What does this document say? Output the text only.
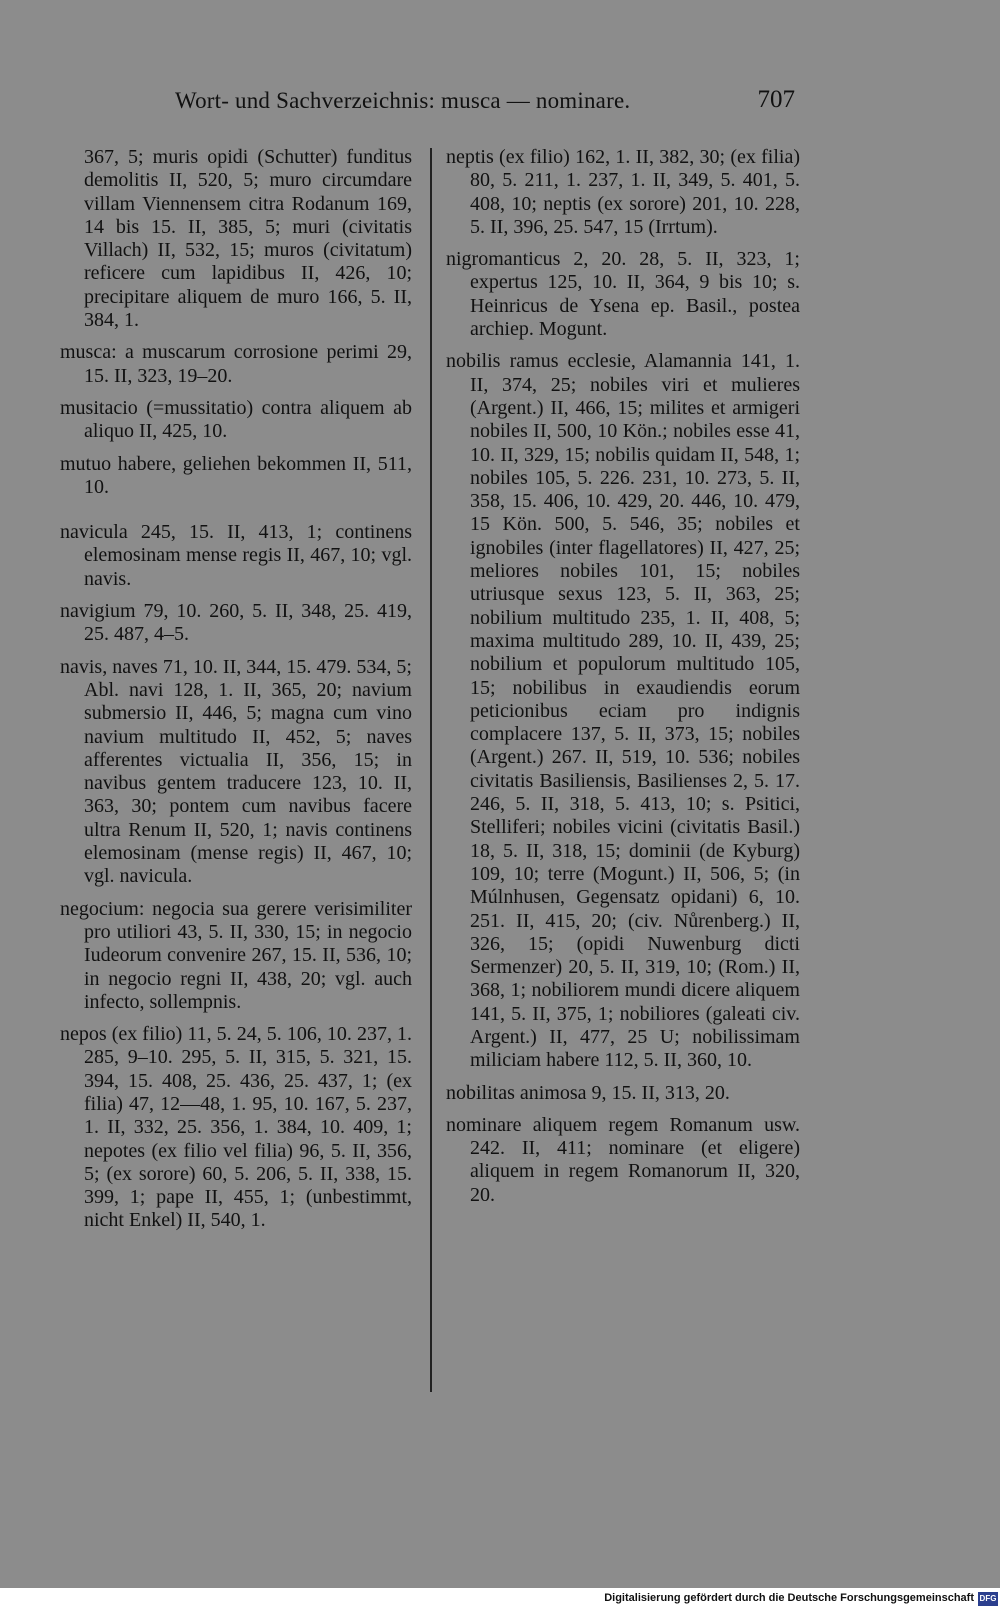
Wort- und Sachverzeichnis: musca — nominare.	707

367, 5; muris opidi (Schutter) funditus demolitis II, 520, 5; muro circumdare villam Viennensem citra Rodanum 169, 14 bis 15. II, 385, 5; muri (civitatis Villach) II, 532, 15; muros (civitatum) reficere cum lapidibus II, 426, 10; precipitare aliquem de muro 166, 5. II, 384, 1.

musca: a muscarum corrosione perimi 29, 15. II, 323, 19–20.

musitacio (=mussitatio) contra aliquem ab aliquo II, 425, 10.

mutuo habere, geliehen bekommen II, 511, 10.

navicula 245, 15. II, 413, 1; continens elemosinam mense regis II, 467, 10; vgl. navis.

navigium 79, 10. 260, 5. II, 348, 25. 419, 25. 487, 4–5.

navis, naves 71, 10. II, 344, 15. 479. 534, 5; Abl. navi 128, 1. II, 365, 20; navium submersio II, 446, 5; magna cum vino navium multitudo II, 452, 5; naves afferentes victualia II, 356, 15; in navibus gentem traducere 123, 10. II, 363, 30; pontem cum navibus facere ultra Renum II, 520, 1; navis continens elemosinam (mense regis) II, 467, 10; vgl. navicula.

negocium: negocia sua gerere verisimiliter pro utiliori 43, 5. II, 330, 15; in negocio Iudeorum convenire 267, 15. II, 536, 10; in negocio regni II, 438, 20; vgl. auch infecto, sollempnis.

nepos (ex filio) 11, 5. 24, 5. 106, 10. 237, 1. 285, 9–10. 295, 5. II, 315, 5. 321, 15. 394, 15. 408, 25. 436, 25. 437, 1; (ex filia) 47, 12—48, 1. 95, 10. 167, 5. 237, 1. II, 332, 25. 356, 1. 384, 10. 409, 1; nepotes (ex filio vel filia) 96, 5. II, 356, 5; (ex sorore) 60, 5. 206, 5. II, 338, 15. 399, 1; pape II, 455, 1; (unbestimmt, nicht Enkel) II, 540, 1.

neptis (ex filio) 162, 1. II, 382, 30; (ex filia) 80, 5. 211, 1. 237, 1. II, 349, 5. 401, 5. 408, 10; neptis (ex sorore) 201, 10. 228, 5. II, 396, 25. 547, 15 (Irrtum).

nigromanticus 2, 20. 28, 5. II, 323, 1; expertus 125, 10. II, 364, 9 bis 10; s. Heinricus de Ysena ep. Basil., postea archiep. Mogunt.

nobilis ramus ecclesie, Alamannia 141, 1. II, 374, 25; nobiles viri et mulieres (Argent.) II, 466, 15; milites et armigeri nobiles II, 500, 10 Kön.; nobiles esse 41, 10. II, 329, 15; nobilis quidam II, 548, 1; nobiles 105, 5. 226. 231, 10. 273, 5. II, 358, 15. 406, 10. 429, 20. 446, 10. 479, 15 Kön. 500, 5. 546, 35; nobiles et ignobiles (inter flagellatores) II, 427, 25; meliores nobiles 101, 15; nobiles utriusque sexus 123, 5. II, 363, 25; nobilium multitudo 235, 1. II, 408, 5; maxima multitudo 289, 10. II, 439, 25; nobilium et populorum multitudo 105, 15; nobilibus in exaudiendis eorum peticionibus eciam pro indignis complacere 137, 5. II, 373, 15; nobiles (Argent.) 267. II, 519, 10. 536; nobiles civitatis Basiliensis, Basilienses 2, 5. 17. 246, 5. II, 318, 5. 413, 10; s. Psitici, Stelliferi; nobiles vicini (civitatis Basil.) 18, 5. II, 318, 15; dominii (de Kyburg) 109, 10; terre (Mogunt.) II, 506, 5; (in Múlnhusen, Gegensatz opidani) 6, 10. 251. II, 415, 20; (civ. Nůrenberg.) II, 326, 15; (opidi Nuwenburg dicti Sermenzer) 20, 5. II, 319, 10; (Rom.) II, 368, 1; nobiliorem mundi dicere aliquem 141, 5. II, 375, 1; nobiliores (galeati civ. Argent.) II, 477, 25 U; nobilissimam miliciam habere 112, 5. II, 360, 10.

nobilitas animosa 9, 15. II, 313, 20.

nominare aliquem regem Romanum usw. 242. II, 411; nominare (et eligere) aliquem in regem Romanorum II, 320, 20.

Digitalisierung gefördert durch die Deutsche Forschungsgemeinschaft DFG
